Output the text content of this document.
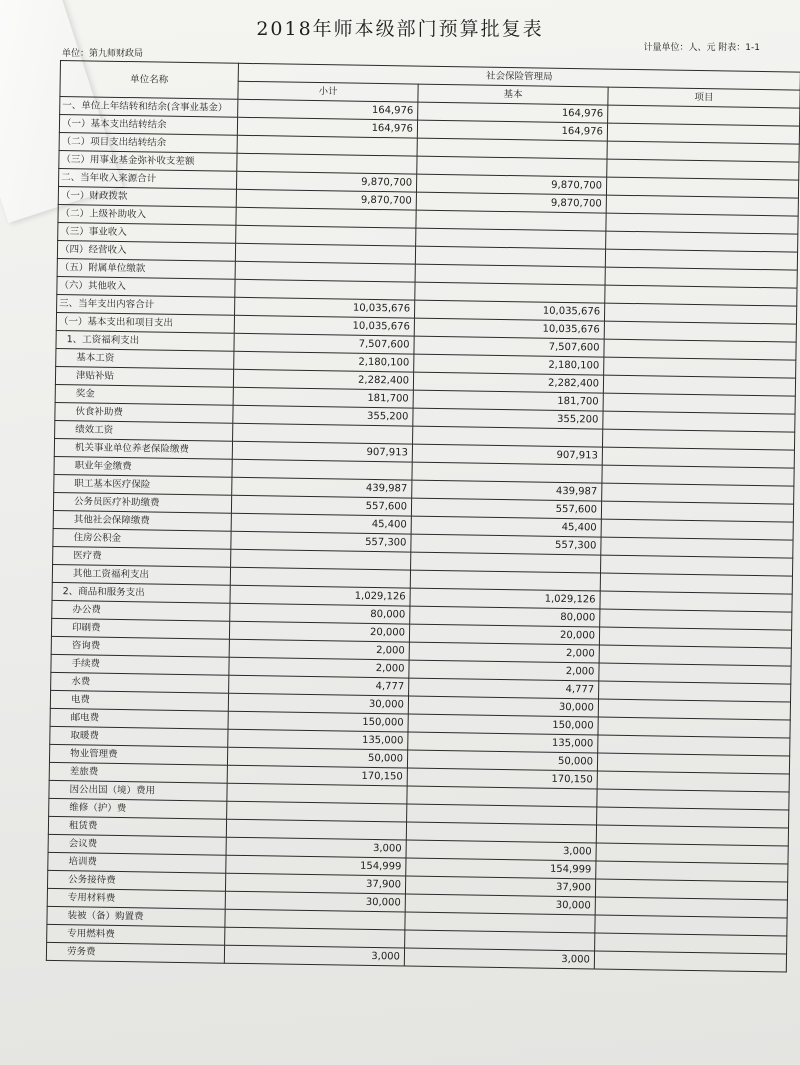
2018年师本级部门预算批复表
单位：第九师财政局
计量单位：人、元 附表：1-1
单位名称	社会保险管理局		
	小计	基本	项目
一、单位上年结转和结余(含事业基金）	164,976	164,976	
（一）基本支出结转结余	164,976	164,976	
（二）项目支出结转结余			
（三）用事业基金弥补收支差额			
二、当年收入来源合计	9,870,700	9,870,700	
（一）财政拨款	9,870,700	9,870,700	
（二）上级补助收入			
（三）事业收入			
（四）经营收入			
（五）附属单位缴款			
（六）其他收入			
三、当年支出内容合计	10,035,676	10,035,676	
（一）基本支出和项目支出	10,035,676	10,035,676	
1、工资福利支出	7,507,600	7,507,600	
基本工资	2,180,100	2,180,100	
津贴补贴	2,282,400	2,282,400	
奖金	181,700	181,700	
伙食补助费	355,200	355,200	
绩效工资			
机关事业单位养老保险缴费	907,913	907,913	
职业年金缴费			
职工基本医疗保险	439,987	439,987	
公务员医疗补助缴费	557,600	557,600	
其他社会保障缴费	45,400	45,400	
住房公积金	557,300	557,300	
医疗费			
其他工资福利支出			
2、商品和服务支出	1,029,126	1,029,126	
办公费	80,000	80,000	
印刷费	20,000	20,000	
咨询费	2,000	2,000	
手续费	2,000	2,000	
水费	4,777	4,777	
电费	30,000	30,000	
邮电费	150,000	150,000	
取暖费	135,000	135,000	
物业管理费	50,000	50,000	
差旅费	170,150	170,150	
因公出国（境）费用			
维修（护）费			
租赁费			
会议费	3,000	3,000	
培训费	154,999	154,999	
公务接待费	37,900	37,900	
专用材料费	30,000	30,000	
装被（备）购置费			
专用燃料费			
劳务费	3,000	3,000	
